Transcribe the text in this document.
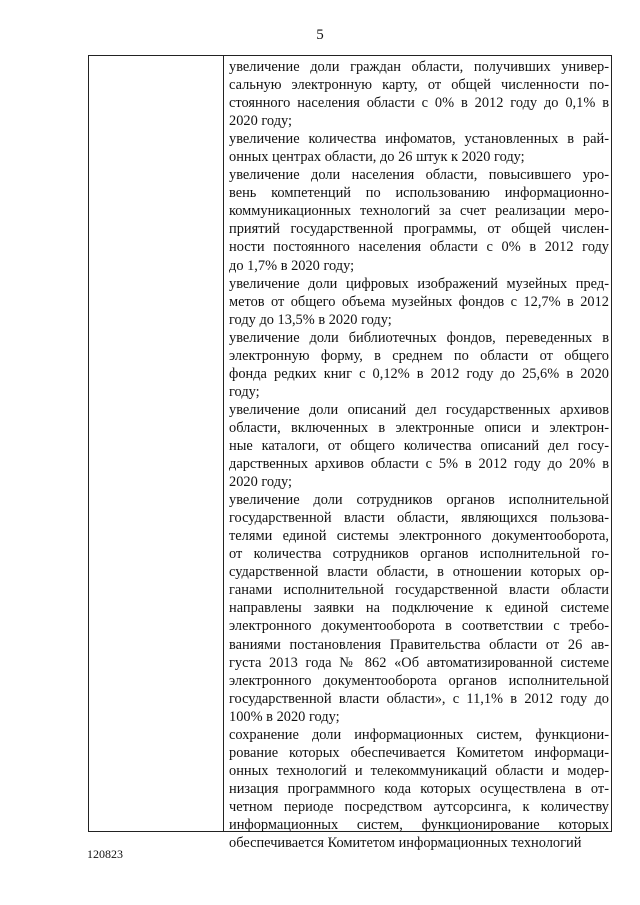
5
увеличение доли граждан области, получивших универ-
сальную электронную карту, от общей численности по-
стоянного населения области с 0% в 2012 году до 0,1% в
2020 году;
увеличение количества инфоматов, установленных в рай-
онных центрах области, до 26 штук к 2020 году;
увеличение доли населения области, повысившего уро-
вень компетенций по использованию информационно-
коммуникационных технологий за счет реализации меро-
приятий государственной программы, от общей числен-
ности постоянного населения области с 0% в 2012 году
до 1,7% в 2020 году;
увеличение доли цифровых изображений музейных пред-
метов от общего объема музейных фондов с 12,7% в 2012
году до 13,5% в 2020 году;
увеличение доли библиотечных фондов, переведенных в
электронную форму, в среднем по области от общего
фонда редких книг с 0,12% в 2012 году до 25,6% в 2020
году;
увеличение доли описаний дел государственных архивов
области, включенных в электронные описи и электрон-
ные каталоги, от общего количества описаний дел госу-
дарственных архивов области с 5% в 2012 году до 20% в
2020 году;
увеличение доли сотрудников органов исполнительной
государственной власти области, являющихся пользова-
телями единой системы электронного документооборота,
от количества сотрудников органов исполнительной го-
сударственной власти области, в отношении которых ор-
ганами исполнительной государственной власти области
направлены заявки на подключение к единой системе
электронного документооборота в соответствии с требо-
ваниями постановления Правительства области от 26 ав-
густа 2013 года № 862 «Об автоматизированной системе
электронного документооборота органов исполнительной
государственной власти области», с 11,1% в 2012 году до
100% в 2020 году;
сохранение доли информационных систем, функциони-
рование которых обеспечивается Комитетом информаци-
онных технологий и телекоммуникаций области и модер-
низация программного кода которых осуществлена в от-
четном периоде посредством аутсорсинга, к количеству
информационных систем, функционирование которых
обеспечивается Комитетом информационных технологий
120823
